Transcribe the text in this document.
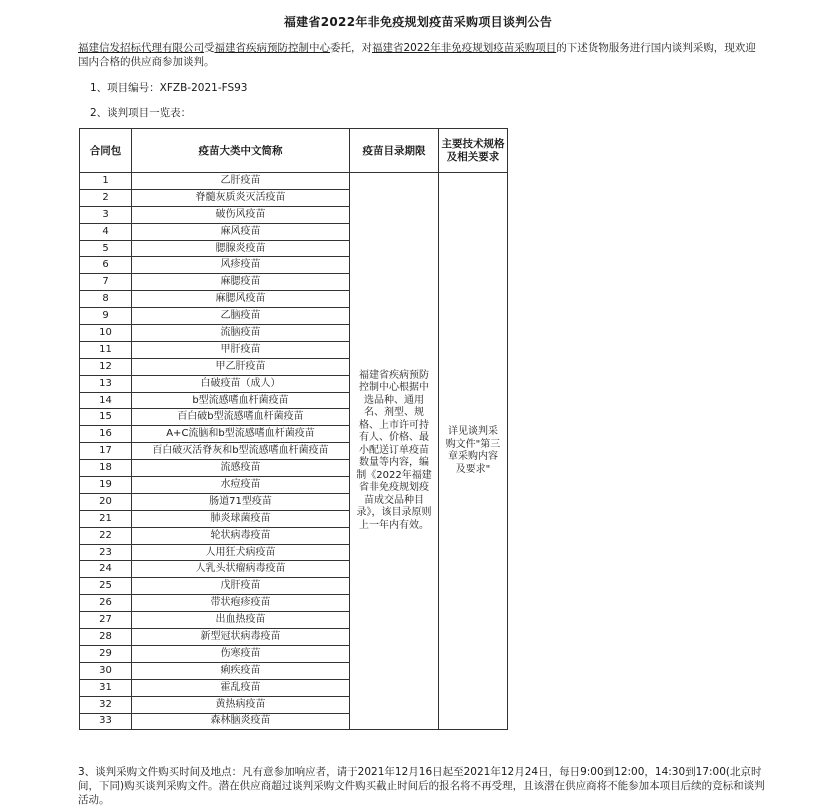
福建省2022年非免疫规划疫苗采购项目谈判公告
福建信发招标代理有限公司受福建省疾病预防控制中心委托，对福建省2022年非免疫规划疫苗采购项目的下述货物服务进行国内谈判采购，现欢迎国内合格的供应商参加谈判。
1、项目编号：XFZB-2021-FS93
2、谈判项目一览表：
合同包	疫苗大类中文简称	疫苗目录期限	主要技术规格及相关要求
1	乙肝疫苗	福建省疾病预防控制中心根据中选品种、通用名、剂型、规格、上市许可持有人、价格、最小配送订单疫苗数量等内容，编制《2022年福建省非免疫规划疫苗成交品种目录》，该目录原则上一年内有效。	详见谈判采购文件"第三章采购内容及要求"
2	脊髓灰质炎灭活疫苗		
3	破伤风疫苗		
4	麻风疫苗		
5	腮腺炎疫苗		
6	风疹疫苗		
7	麻腮疫苗		
8	麻腮风疫苗		
9	乙脑疫苗		
10	流脑疫苗		
11	甲肝疫苗		
12	甲乙肝疫苗		
13	白破疫苗（成人）		
14	b型流感嗜血杆菌疫苗		
15	百白破b型流感嗜血杆菌疫苗		
16	A+C流脑和b型流感嗜血杆菌疫苗		
17	百白破灭活脊灰和b型流感嗜血杆菌疫苗		
18	流感疫苗		
19	水痘疫苗		
20	肠道71型疫苗		
21	肺炎球菌疫苗		
22	轮状病毒疫苗		
23	人用狂犬病疫苗		
24	人乳头状瘤病毒疫苗		
25	戊肝疫苗		
26	带状疱疹疫苗		
27	出血热疫苗		
28	新型冠状病毒疫苗		
29	伤寒疫苗		
30	痢疾疫苗		
31	霍乱疫苗		
32	黄热病疫苗		
33	森林脑炎疫苗		
3、谈判采购文件购买时间及地点：凡有意参加响应者，请于2021年12月16日起至2021年12月24日，每日9:00到12:00，14:30到17:00(北京时间，下同)购买谈判采购文件。潜在供应商超过谈判采购文件购买截止时间后的报名将不再受理，且该潜在供应商将不能参加本项目后续的竞标和谈判活动。
